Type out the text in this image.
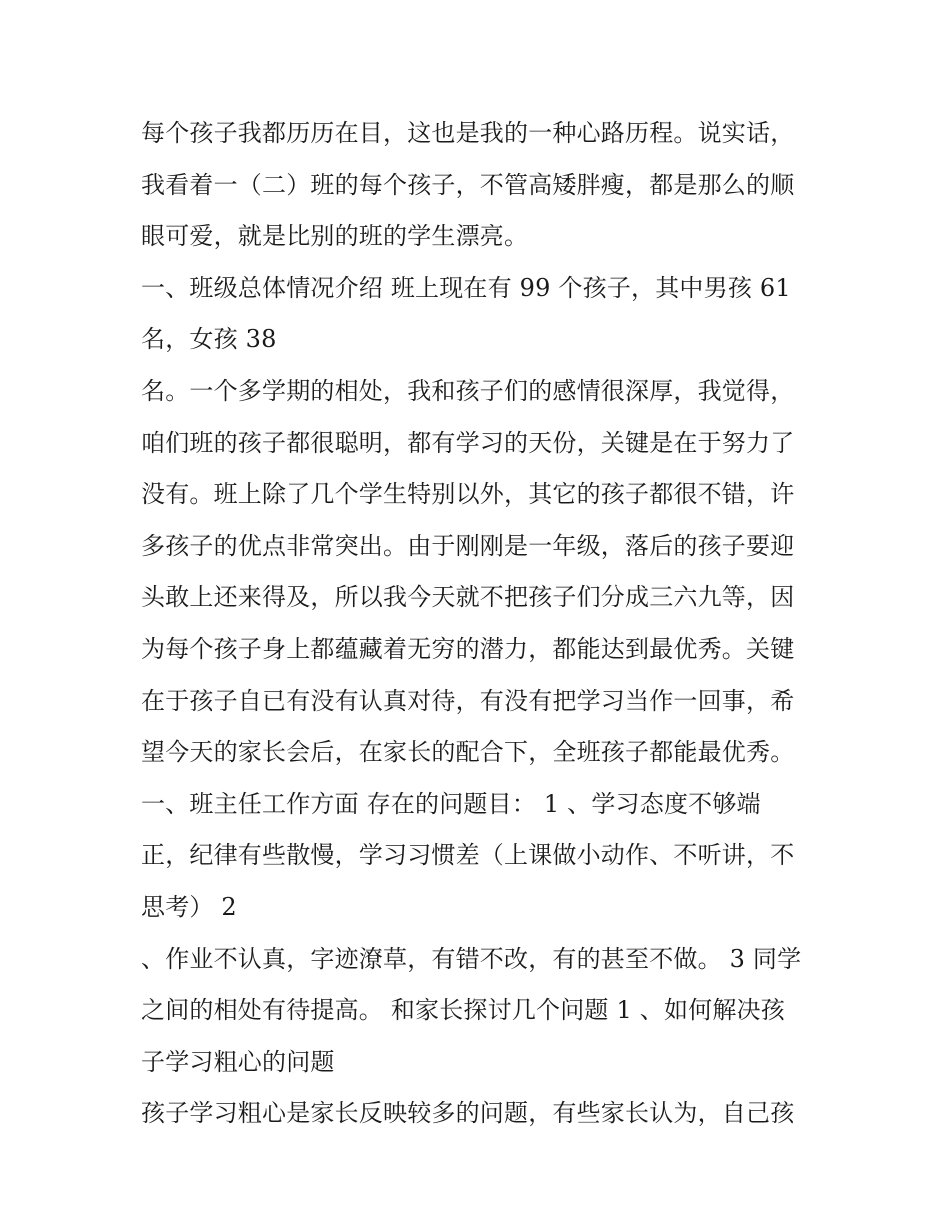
每个孩子我都历历在目，这也是我的一种心路历程。说实话，
我看着一（二）班的每个孩子，不管高矮胖瘦，都是那么的顺
眼可爱，就是比别的班的学生漂亮。
一、班级总体情况介绍 班上现在有 99 个孩子，其中男孩 61
名，女孩 38
名。一个多学期的相处，我和孩子们的感情很深厚，我觉得，
咱们班的孩子都很聪明，都有学习的天份，关键是在于努力了
没有。班上除了几个学生特别以外，其它的孩子都很不错，许
多孩子的优点非常突出。由于刚刚是一年级，落后的孩子要迎
头敢上还来得及，所以我今天就不把孩子们分成三六九等，因
为每个孩子身上都蕴藏着无穷的潜力，都能达到最优秀。关键
在于孩子自已有没有认真对待，有没有把学习当作一回事，希
望今天的家长会后，在家长的配合下，全班孩子都能最优秀。
一、班主任工作方面 存在的问题目： 1 、学习态度不够端
正，纪律有些散慢，学习习惯差（上课做小动作、不听讲，不
思考） 2
、作业不认真，字迹潦草，有错不改，有的甚至不做。 3 同学
之间的相处有待提高。 和家长探讨几个问题 1 、如何解决孩
子学习粗心的问题
孩子学习粗心是家长反映较多的问题，有些家长认为，自己孩
